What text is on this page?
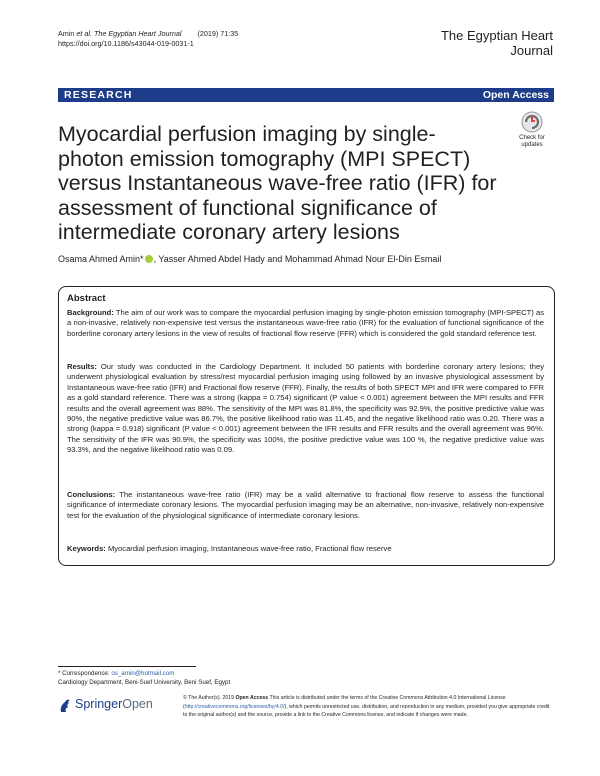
Amin et al. The Egyptian Heart Journal (2019) 71:35
https://doi.org/10.1186/s43044-019-0031-1
The Egyptian Heart
Journal
RESEARCH	Open Access
Myocardial perfusion imaging by single-photon emission tomography (MPI SPECT) versus Instantaneous wave-free ratio (IFR) for assessment of functional significance of intermediate coronary artery lesions
Check for
updates
Osama Ahmed Amin* , Yasser Ahmed Abdel Hady and Mohammad Ahmad Nour El-Din Esmail
Abstract
Background: The aim of our work was to compare the myocardial perfusion imaging by single-photon emission tomography (MPI-SPECT) as a non-invasive, relatively non-expensive test versus the instantaneous wave-free ratio (IFR) for the evaluation of functional significance of the borderline coronary artery lesions in the view of results of fractional flow reserve (FFR) which is considered the gold standard reference test.
Results: Our study was conducted in the Cardiology Department. It included 50 patients with borderline coronary artery lesions; they underwent physiological evaluation by stress/rest myocardial perfusion imaging using followed by an invasive physiological assessment by Instantaneous wave-free ratio (IFR) and Fractional flow reserve (FFR). Finally, the results of both SPECT MPI and IFR were compared to FFR as a gold standard reference. There was a strong (kappa = 0.754) significant (P value < 0.001) agreement between the MPI results and FFR results and the overall agreement was 88%. The sensitivity of the MPI was 81.8%, the specificity was 92.9%, the positive predictive value was 90%, the negative predictive value was 86.7%, the positive likelihood ratio was 11.45, and the negative likelihood ratio was 0.20. There was a strong (kappa = 0.918) significant (P value < 0.001) agreement between the IFR results and FFR results and the overall agreement was 96%. The sensitivity of the IFR was 90.9%, the specificity was 100%, the positive predictive value was 100 %, the negative predictive value was 93.3%, and the negative likelihood ratio was 0.09.
Conclusions: The instantaneous wave-free ratio (IFR) may be a valid alternative to fractional flow reserve to assess the functional significance of intermediate coronary lesions. The myocardial perfusion imaging may be an alternative, non-invasive, relatively non-expensive test for the evaluation of the physiological significance of intermediate coronary lesions.
Keywords: Myocardial perfusion imaging, Instantaneous wave-free ratio, Fractional flow reserve
* Correspondence: os_amin@hotmail.com
Cardiology Department, Beni-Suef University, Beni Suef, Egypt
SpringerOpen	© The Author(s). 2019 Open Access This article is distributed under the terms of the Creative Commons Attribution 4.0 International License (http://creativecommons.org/licenses/by/4.0/), which permits unrestricted use, distribution, and reproduction in any medium, provided you give appropriate credit to the original author(s) and the source, provide a link to the Creative Commons license, and indicate if changes were made.
